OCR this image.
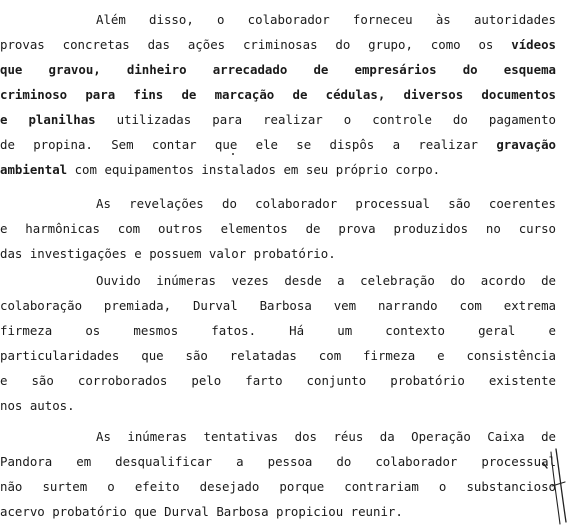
Além disso, o colaborador forneceu às autoridades
provas concretas das ações criminosas do grupo, como os vídeos
que gravou, dinheiro arrecadado de empresários do esquema
criminoso para fins de marcação de cédulas, diversos documentos
e planilhas utilizadas para realizar o controle do pagamento
de propina. Sem contar que ele se dispôs a realizar gravação
ambiental com equipamentos instalados em seu próprio corpo.
As revelações do colaborador processual são coerentes
e harmônicas com outros elementos de prova produzidos no curso
das investigações e possuem valor probatório.
Ouvido inúmeras vezes desde a celebração do acordo de
colaboração premiada, Durval Barbosa vem narrando com extrema
firmeza os mesmos fatos. Há um contexto geral e
particularidades que são relatadas com firmeza e consistência
e são corroborados pelo farto conjunto probatório existente
nos autos.
As inúmeras tentativas dos réus da Operação Caixa de
Pandora em desqualificar a pessoa do colaborador processual
não surtem o efeito desejado porque contrariam o substancioso
acervo probatório que Durval Barbosa propiciou reunir.
